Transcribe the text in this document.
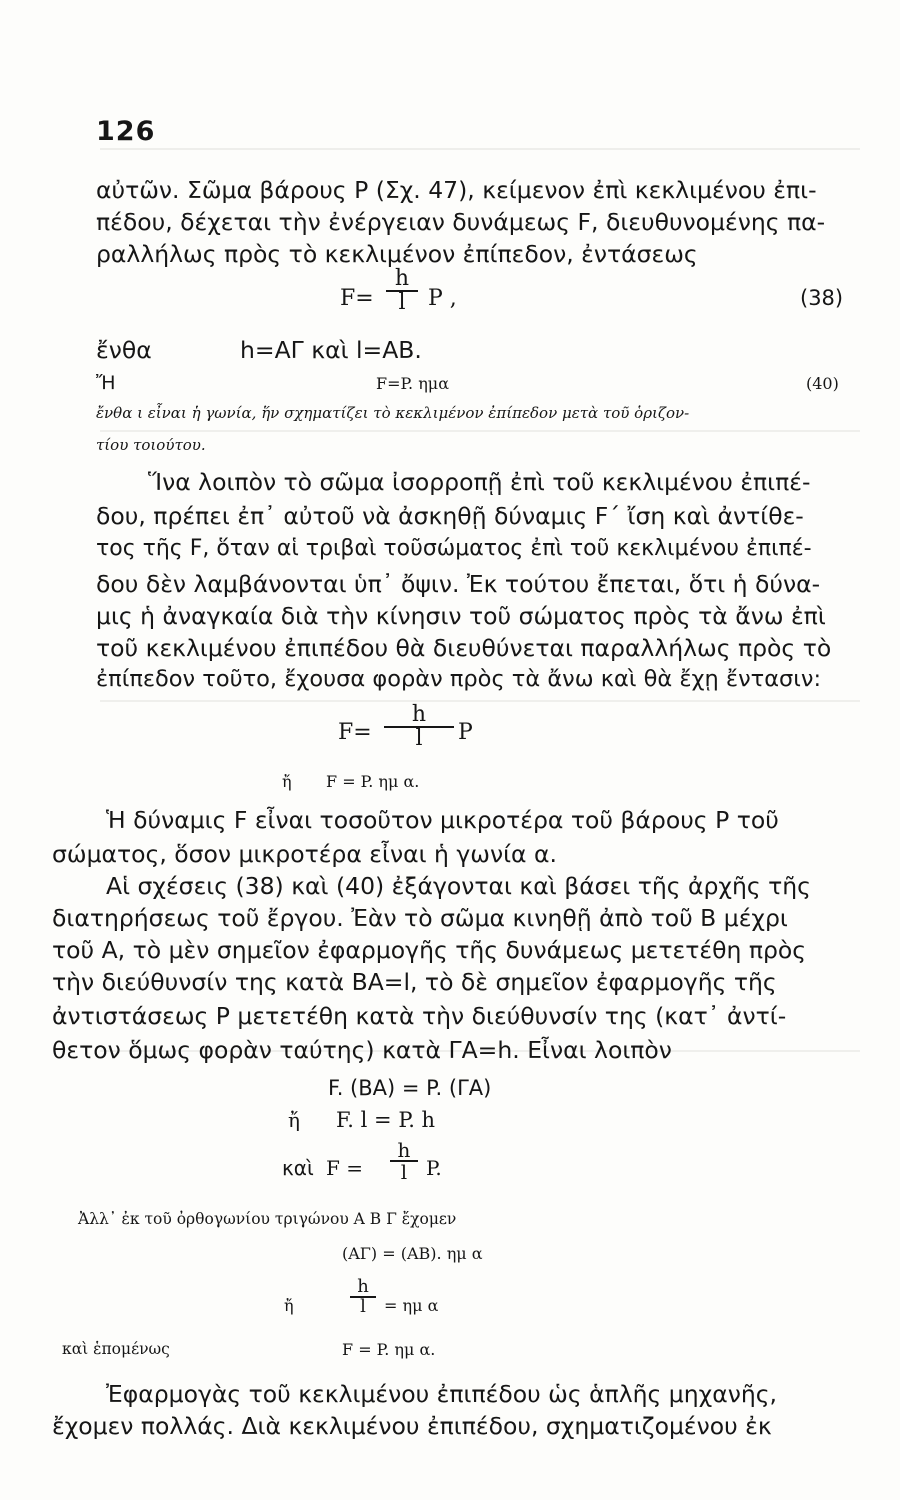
126
αὐτῶν. Σῶμα βάρους P (Σχ. 47), κείμενον ἐπὶ κεκλιμένου ἐπι-
πέδου, δέχεται τὴν ἐνέργειαν δυνάμεως F, διευθυνομένης πα-
ραλλήλως πρὸς τὸ κεκλιμένον ἐπίπεδον, ἐντάσεως
F=
h
l P ,	(38)
ἔνθα	h=ΑΓ καὶ l=ΑΒ.
Ἤ	F=P. ημα	(40)
ἔνθα ι εἶναι ἡ γωνία, ἥν σχηματίζει τὸ κεκλιμένον ἐπίπεδον μετὰ τοῦ ὁριζον-
τίου τοιούτου.
Ἵνα λοιπὸν τὸ σῶμα ἰσορροπῇ ἐπὶ τοῦ κεκλιμένου ἐπιπέ-
δου, πρέπει ἐπ᾽ αὐτοῦ νὰ ἀσκηθῇ δύναμις F΄ ἴση καὶ ἀντίθε-
τος τῆς F, ὅταν αἱ τριβαὶ τοῦσώματος ἐπὶ τοῦ κεκλιμένου ἐπιπέ-
δου δὲν λαμβάνονται ὑπ᾽ ὄψιν. Ἐκ τούτου ἔπεται, ὅτι ἡ δύνα-
μις ἡ ἀναγκαία διὰ τὴν κίνησιν τοῦ σώματος πρὸς τὰ ἄνω ἐπὶ
τοῦ κεκλιμένου ἐπιπέδου θὰ διευθύνεται παραλλήλως πρὸς τὸ
ἐπίπεδον τοῦτο, ἔχουσα φορὰν πρὸς τὰ ἄνω καὶ θὰ ἔχῃ ἔντασιν:
F=
h
l P
ἤ F = P. ημ α.
Ἡ δύναμις F εἶναι τοσοῦτον μικροτέρα τοῦ βάρους P τοῦ
σώματος, ὅσον μικροτέρα εἶναι ἡ γωνία α.
Αἱ σχέσεις (38) καὶ (40) ἐξάγονται καὶ βάσει τῆς ἀρχῆς τῆς
διατηρήσεως τοῦ ἔργου. Ἐὰν τὸ σῶμα κινηθῇ ἀπὸ τοῦ Β μέχρι
τοῦ Α, τὸ μὲν σημεῖον ἐφαρμογῆς τῆς δυνάμεως μετετέθη πρὸς
τὴν διεύθυνσίν της κατὰ ΒΑ=l, τὸ δὲ σημεῖον ἐφαρμογῆς τῆς
ἀντιστάσεως P μετετέθη κατὰ τὴν διεύθυνσίν της (κατ᾽ ἀντί-
θετον ὅμως φορὰν ταύτης) κατὰ ΓΑ=h. Εἶναι λοιπὸν
F. (ΒΑ) = P. (ΓΑ)
ἤ F. l = P. h
καὶ F =
h
l P.
Ἀλλ᾽ ἐκ τοῦ ὀρθογωνίου τριγώνου Α Β Γ ἔχομεν
(ΑΓ) = (ΑΒ). ημ α
ἤ
h
l = ημ α
καὶ ἑπομένως	F = P. ημ α.
Ἐφαρμογὰς τοῦ κεκλιμένου ἐπιπέδου ὡς ἁπλῆς μηχανῆς,
ἔχομεν πολλάς. Διὰ κεκλιμένου ἐπιπέδου, σχηματιζομένου ἐκ
